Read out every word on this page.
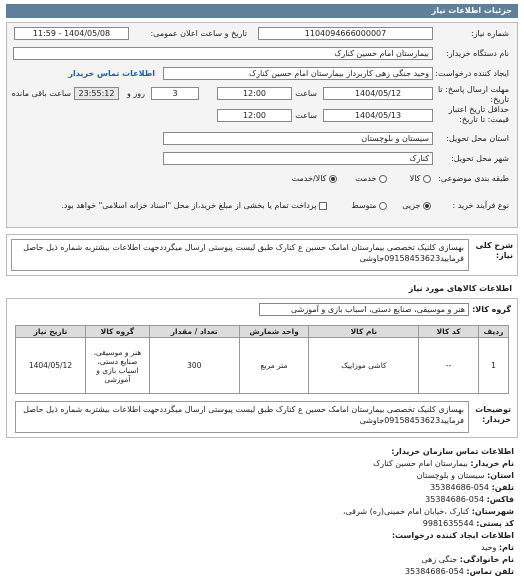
جزئیات اطلاعات نیاز
شماره نیاز:
1104094666000007
تاریخ و ساعت اعلان عمومی:
1404/05/08 - 11:59
نام دستگاه خریدار:
بیمارستان امام حسین کنارک
ایجاد کننده درخواست:
وحید جنگی زهی کاربرداز بیمارستان امام حسین کنارک
اطلاعات تماس خریدار
مهلت ارسال پاسخ: تا تاریخ:
1404/05/12
ساعت
12:00
3
روز و
23:55:12
ساعت باقی مانده
حداقل تاریخ اعتبار قیمت: تا تاریخ:
1404/05/13
ساعت
12:00
استان محل تحویل:
سیستان و بلوچستان
شهر محل تحویل:
کنارک
طبقه بندی موضوعی:
کالا
خدمت
کالا/خدمت
نوع فرآیند خرید :
جزیی
متوسط
پرداخت تمام یا بخشی از مبلغ خرید،از محل "اسناد خزانه اسلامی" خواهد بود.
شرح کلی نیاز:
بهسازی کلنیک تخصصی بیمارستان امامک حسین ع کنارک طبق لیست پیوستی ارسال میگرددجهت اطلاعات بیشتربه شماره ذیل حاصل فرمایید09158453623جاوشی
اطلاعات کالاهای مورد نیاز
گروه کالا:
هنر و موسیقی، صنایع دستی، اسباب بازی و آموزشی
ردیف	کد کالا	نام کالا	واحد شمارش	تعداد / مقدار	گروه کالا	تاریخ نیاز
1	--	کاشی موزاییک	متر مربع	300	هنر و موسیقی، صنایع دستی، اسباب بازی و آموزشی	1404/05/12
توضیحات خریدار:
بهسازی کلنیک تخصصی بیمارستان امامک حسین ع کنارک طبق لیست پیوستی ارسال میگرددجهت اطلاعات بیشتربه شماره ذیل حاصل فرمایید09158453623جاوشی
اطلاعات تماس سازمان خریدار:
نام خریدار: بیمارستان امام حسین کنارک
استان: سیستان و بلوچستان
تلفن: 054-35384686
فاکس: 054-35384686
شهرستان: کنارک ،خیابان امام خمینی(ره) شرقی،
کد پستی: 9981635544
اطلاعات ایجاد کننده درخواست:
نام: وحید
نام خانوادگی: جنگی زهی
تلفن تماس: 054-35384686
